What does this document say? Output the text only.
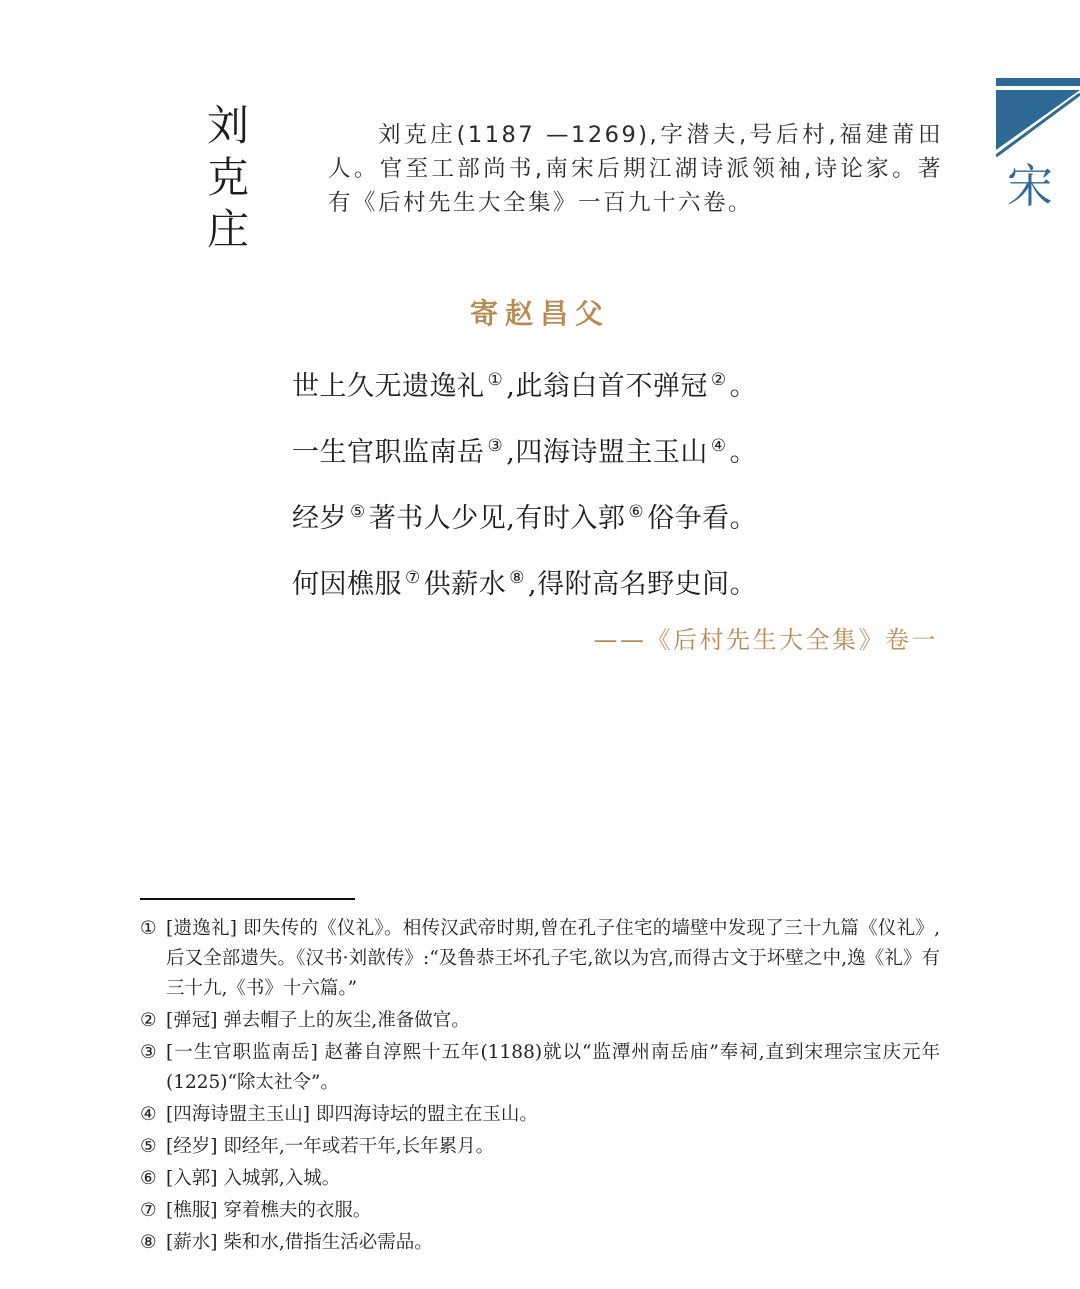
宋
刘
克
庄
刘克庄(1187 —1269),字潜夫,号后村,福建莆田人。官至工部尚书,南宋后期江湖诗派领袖,诗论家。著有《后村先生大全集》一百九十六卷。
寄赵昌父
世上久无遗逸礼 ① ,此翁白首不弹冠 ② 。
一生官职监南岳 ③ ,四海诗盟主玉山 ④ 。
经岁 ⑤ 著书人少见,有时入郭 ⑥ 俗争看。
何因樵服 ⑦ 供薪水 ⑧ ,得附高名野史间。
——《后村先生大全集》卷一
① [遗逸礼] 即失传的《仪礼》。相传汉武帝时期,曾在孔子住宅的墙壁中发现了三十九篇《仪礼》,后又全部遗失。《汉书·刘歆传》:“及鲁恭王坏孔子宅,欲以为宫,而得古文于坏壁之中,逸《礼》有三十九,《书》十六篇。”
② [弹冠] 弹去帽子上的灰尘,准备做官。
③ [一生官职监南岳] 赵蕃自淳熙十五年(1188)就以“监潭州南岳庙”奉祠,直到宋理宗宝庆元年(1225)“除太社令”。
④ [四海诗盟主玉山] 即四海诗坛的盟主在玉山。
⑤ [经岁] 即经年,一年或若干年,长年累月。
⑥ [入郭] 入城郭,入城。
⑦ [樵服] 穿着樵夫的衣服。
⑧ [薪水] 柴和水,借指生活必需品。
